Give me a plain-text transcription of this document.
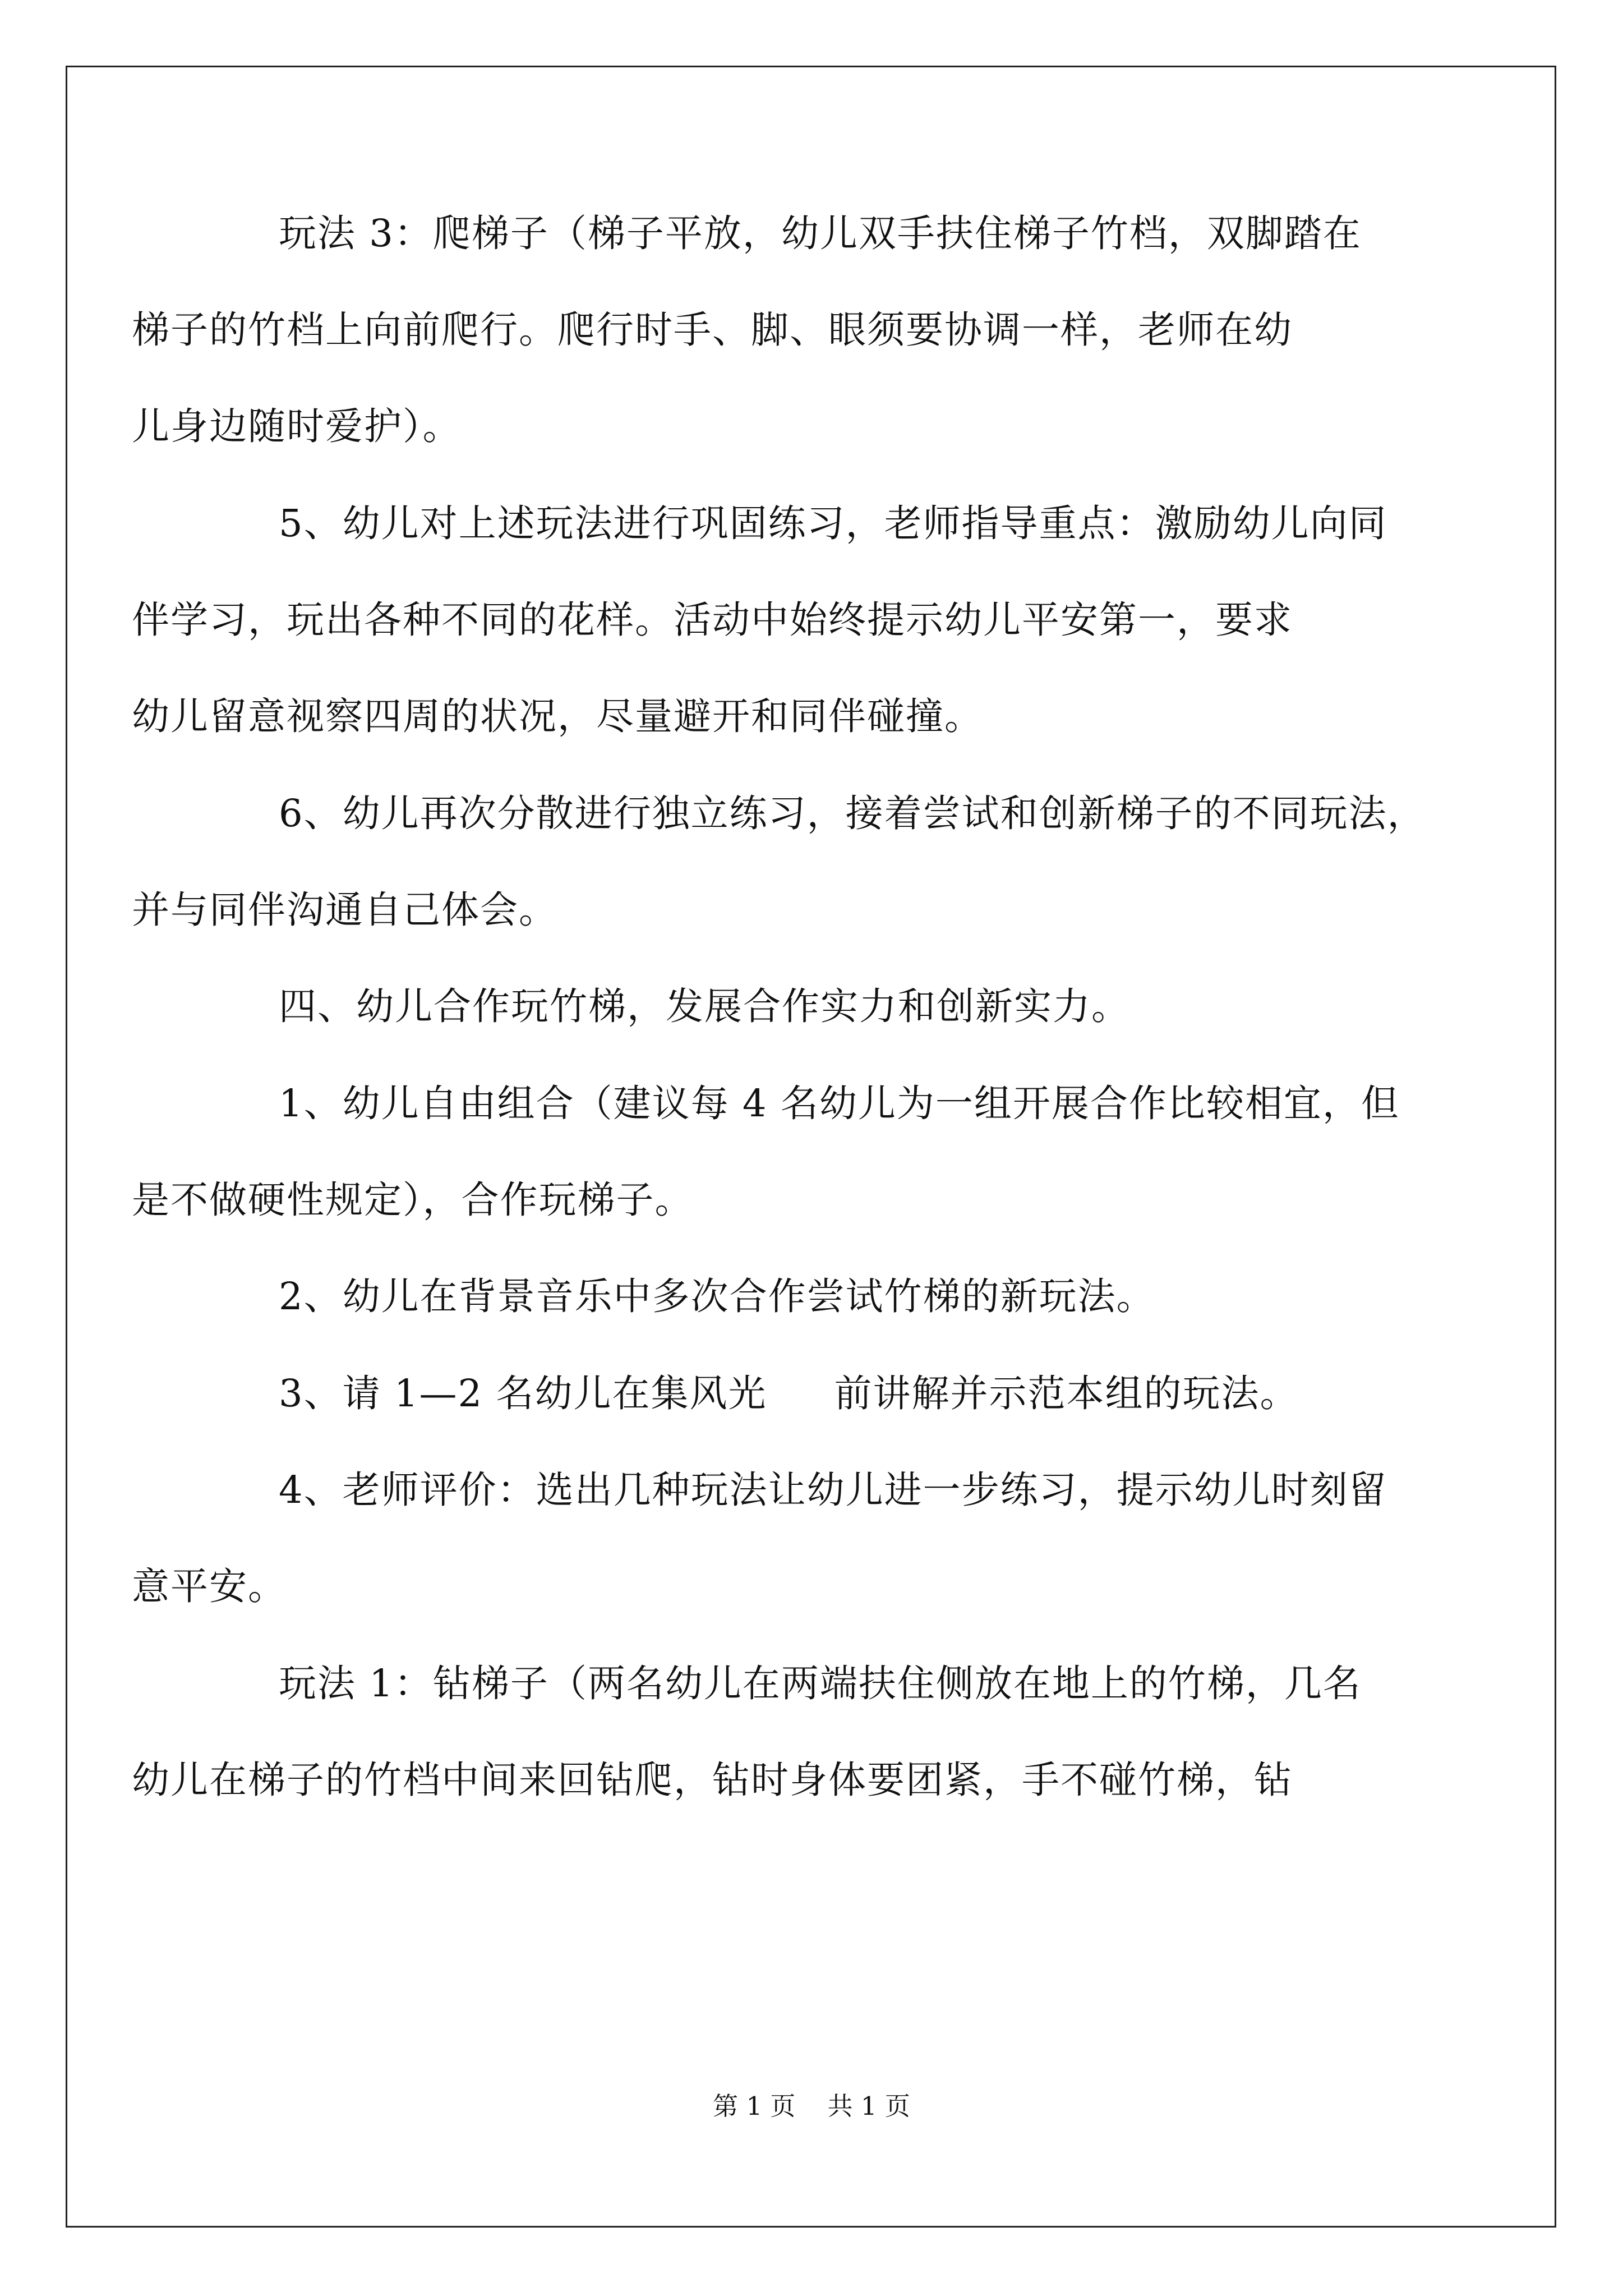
玩法 3：爬梯子（梯子平放，幼儿双手扶住梯子竹档，双脚踏在
梯子的竹档上向前爬行。爬行时手、脚、眼须要协调一样，老师在幼
儿身边随时爱护）。
5、幼儿对上述玩法进行巩固练习，老师指导重点：激励幼儿向同
伴学习，玩出各种不同的花样。活动中始终提示幼儿平安第一，要求
幼儿留意视察四周的状况，尽量避开和同伴碰撞。
6、幼儿再次分散进行独立练习，接着尝试和创新梯子的不同玩法，
并与同伴沟通自己体会。
四、幼儿合作玩竹梯，发展合作实力和创新实力。
1、幼儿自由组合（建议每 4 名幼儿为一组开展合作比较相宜，但
是不做硬性规定），合作玩梯子。
2、幼儿在背景音乐中多次合作尝试竹梯的新玩法。
3、请 1—2 名幼儿在集风光 前讲解并示范本组的玩法。
4、老师评价：选出几种玩法让幼儿进一步练习，提示幼儿时刻留
意平安。
玩法 1：钻梯子（两名幼儿在两端扶住侧放在地上的竹梯，几名
幼儿在梯子的竹档中间来回钻爬，钻时身体要团紧，手不碰竹梯，钻
第 1 页    共 1 页
